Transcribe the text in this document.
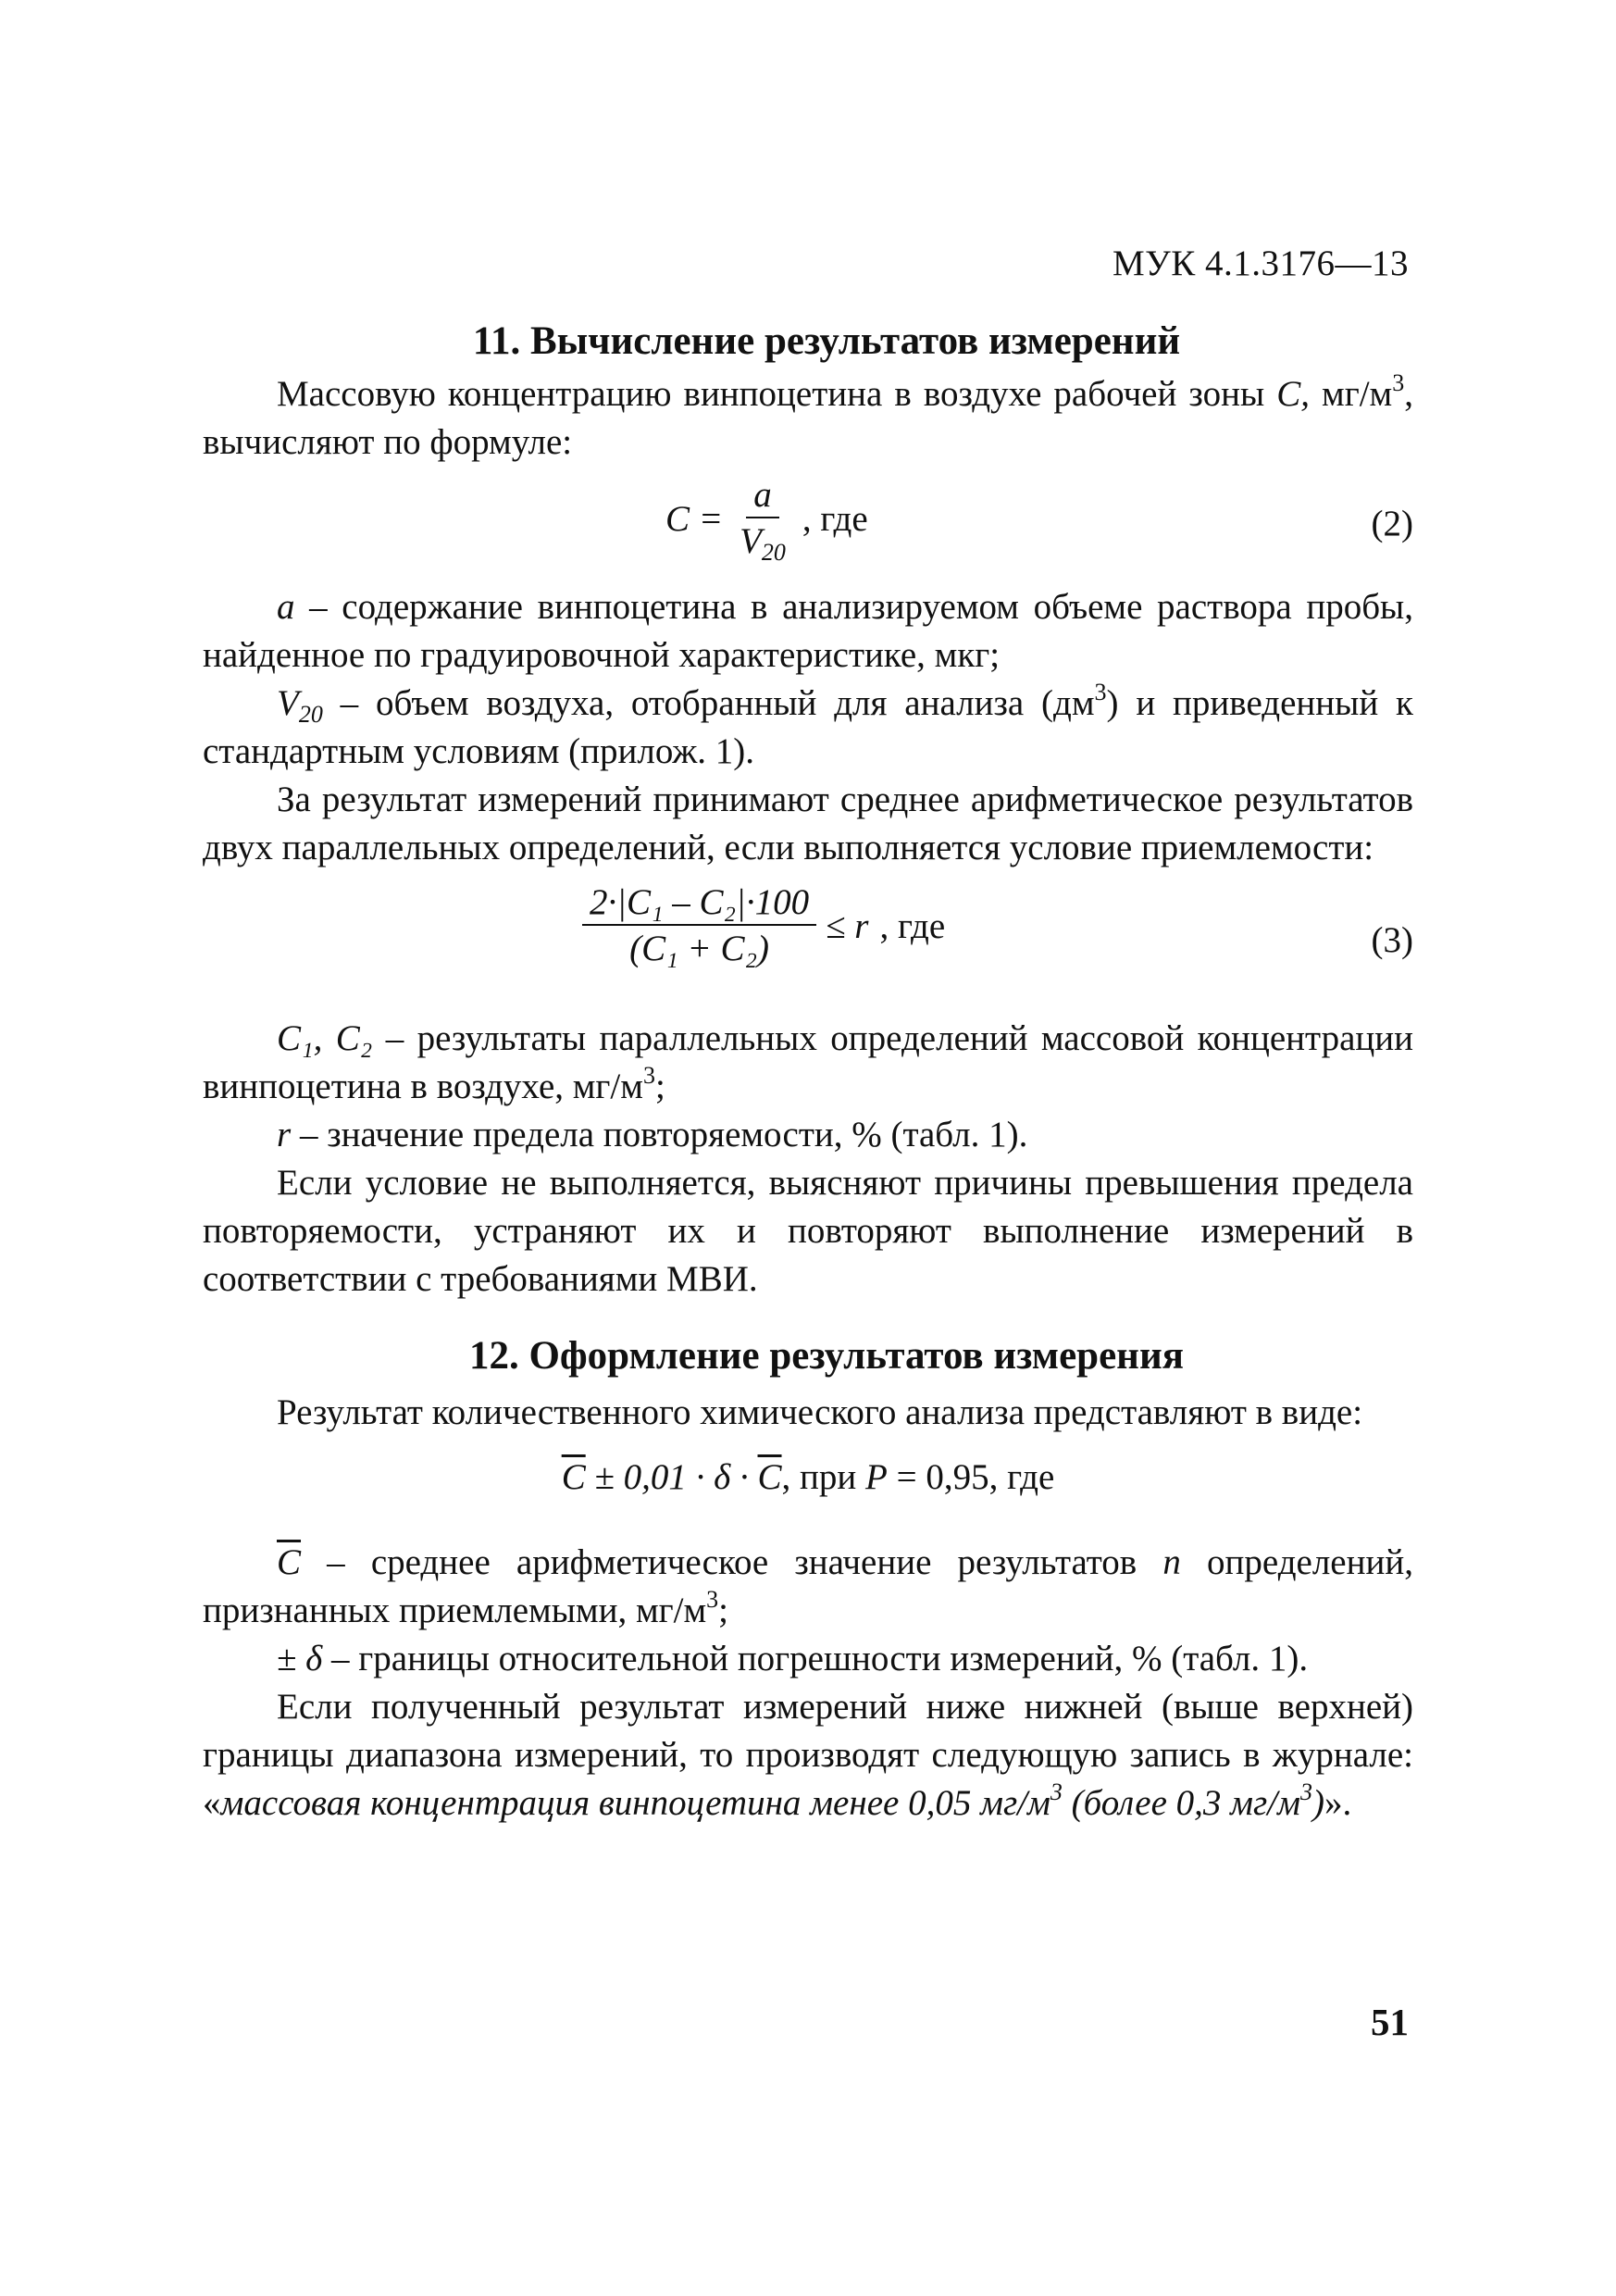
МУК 4.1.3176—13
11. Вычисление результатов измерений

Массовую концентрацию винпоцетина в воздухе рабочей зоны С, $мг/м^3$, вычисляют по формуле:

$C = \frac{a}{V_{20}}$ , где	(2)

a – содержание винпоцетина в анализируемом объеме раствора пробы, найденное по градуировочной характеристике, мкг;

$V_{20}$ – объем воздуха, отобранный для анализа $(дм^3)$ и приведенный к стандартным условиям (прилож. 1).

За результат измерений принимают среднее арифметическое результатов двух параллельных определений, если выполняется условие приемлемости:

$\frac{\text{2·|C₁ – C₂|·100}}{\text{(C₁ + C₂)}} \le r$ , где	(3)

C₁, C₂ – результаты параллельных определений массовой концентрации винпоцетина в воздухе, $мг/м^3$;

r – значение предела повторяемости, % (табл. 1).

Если условие не выполняется, выясняют причины превышения предела повторяемости, устраняют их и повторяют выполнение измерений в соответствии с требованиями МВИ.

12. Оформление результатов измерения

Результат количественного химического анализа представляют в виде:

$\overline{C} \pm 0,01 \cdot \delta \cdot \overline{C}$, при P = 0,95, где

$\overline{C}$ – среднее арифметическое значение результатов n определений, признанных приемлемыми, $мг/м^3$;

± δ – границы относительной погрешности измерений, % (табл. 1).

Если полученный результат измерений ниже нижней (выше верхней) границы диапазона измерений, то производят следующую запись в журнале: «массовая концентрация винпоцетина менее 0,05 $мг/м^3$ (более 0,3 $мг/м^3$)».

51
